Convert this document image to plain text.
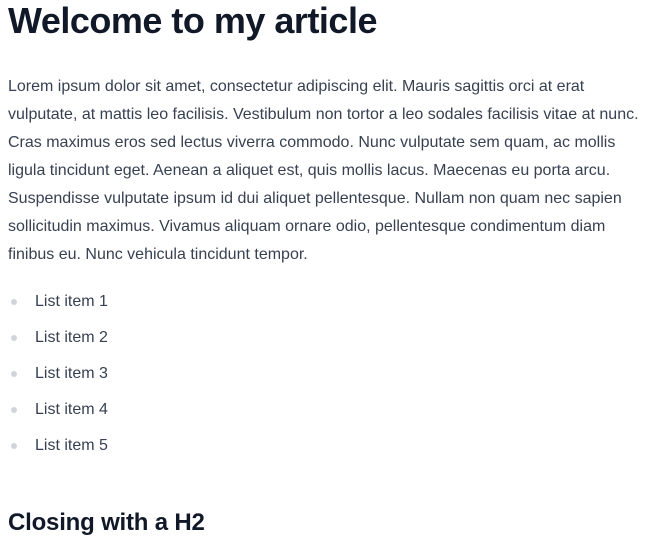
Welcome to my article

Lorem ipsum dolor sit amet, consectetur adipiscing elit. Mauris sagittis orci at erat vulputate, at mattis leo facilisis. Vestibulum non tortor a leo sodales facilisis vitae at nunc. Cras maximus eros sed lectus viverra commodo. Nunc vulputate sem quam, ac mollis ligula tincidunt eget. Aenean a aliquet est, quis mollis lacus. Maecenas eu porta arcu. Suspendisse vulputate ipsum id dui aliquet pellentesque. Nullam non quam nec sapien sollicitudin maximus. Vivamus aliquam ornare odio, pellentesque condimentum diam finibus eu. Nunc vehicula tincidunt tempor.

List item 1
List item 2
List item 3
List item 4
List item 5
Closing with a H2
